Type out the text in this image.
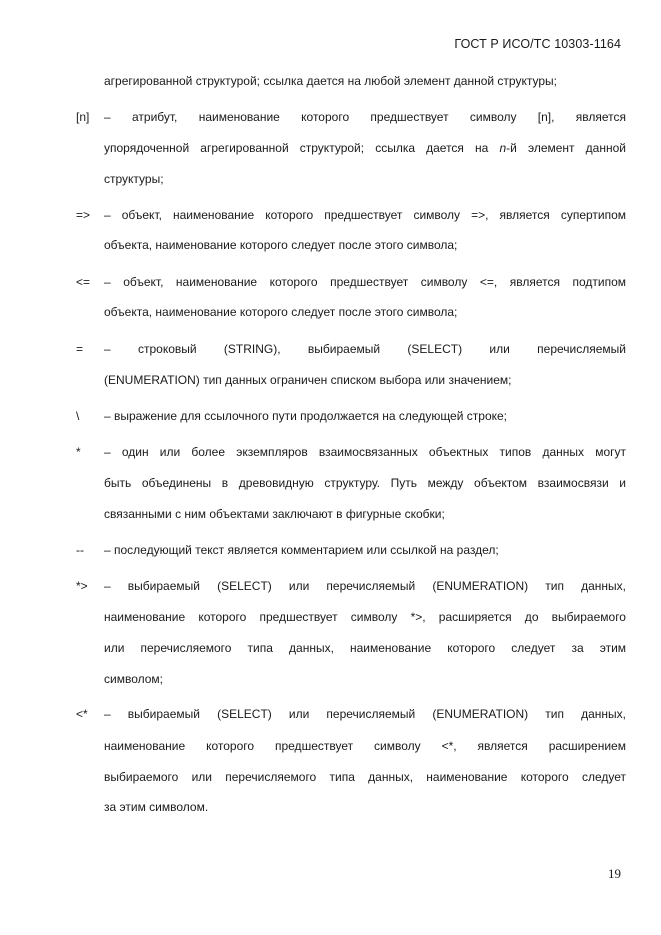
ГОСТ Р ИСО/ТС 10303-1164
агрегированной структурой; ссылка дается на любой элемент данной структуры;
[n] – атрибут, наименование которого предшествует символу [n], является
упорядоченной агрегированной структурой; ссылка дается на n-й элемент данной
структуры;
=> – объект, наименование которого предшествует символу =>, является супертипом
объекта, наименование которого следует после этого символа;
<= – объект, наименование которого предшествует символу <=, является подтипом
объекта, наименование которого следует после этого символа;
= – строковый (STRING), выбираемый (SELECT) или перечисляемый
(ENUMERATION) тип данных ограничен списком выбора или значением;
\ – выражение для ссылочного пути продолжается на следующей строке;
* – один или более экземпляров взаимосвязанных объектных типов данных могут
быть объединены в древовидную структуру. Путь между объектом взаимосвязи и
связанными с ним объектами заключают в фигурные скобки;
-- – последующий текст является комментарием или ссылкой на раздел;
*> – выбираемый (SELECT) или перечисляемый (ENUMERATION) тип данных,
наименование которого предшествует символу *>, расширяется до выбираемого
или перечисляемого типа данных, наименование которого следует за этим
символом;
<* – выбираемый (SELECT) или перечисляемый (ENUMERATION) тип данных,
наименование которого предшествует символу <*, является расширением
выбираемого или перечисляемого типа данных, наименование которого следует
за этим символом.
19
